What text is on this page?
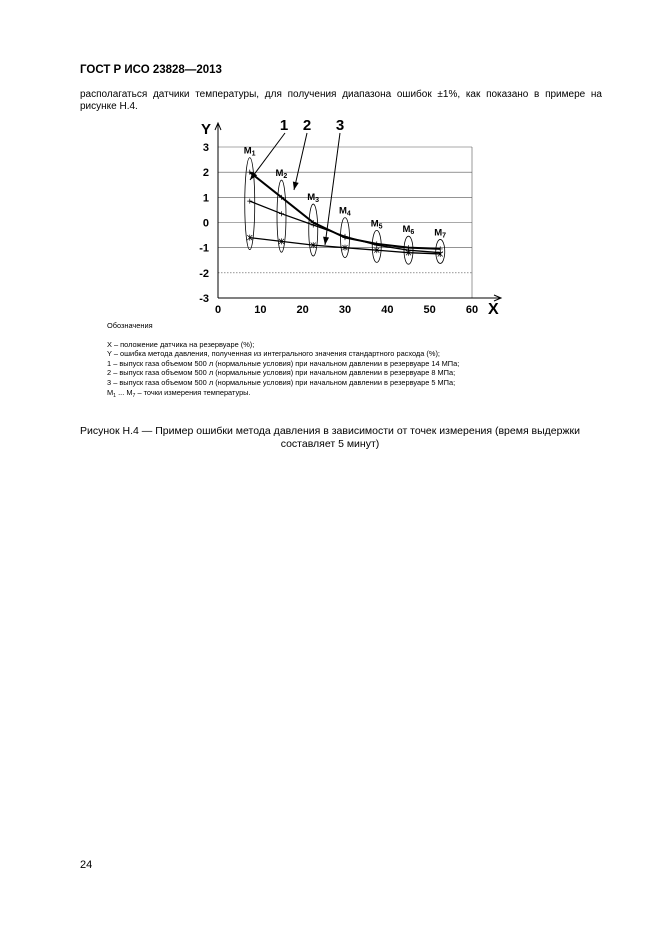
ГОСТ Р ИСО 23828—2013
располагаться датчики температуры, для получения диапазона ошибок ±1%, как показано в примере на рисунке Н.4.
1 2 3
0	10	20	30	40	50	60
3
2
1
0
-1
-2
-3
X
Y
$M_1$
$M_2$
$M_3$
$M_4$
$M_5$ $M_6$ $M_7$
Обозначения
X – положение датчика на резервуаре (%);
Y – ошибка метода давления, полученная из интегрального значения стандартного расхода (%);
1 – выпуск газа объемом 500 л (нормальные условия) при начальном давлении в резервуаре 14 МПа;
2 – выпуск газа объемом 500 л (нормальные условия) при начальном давлении в резервуаре 8 МПа;
3 – выпуск газа объемом 500 л (нормальные условия) при начальном давлении в резервуаре 5 МПа;
$M_1$ ... $M_7$ – точки измерения температуры.
Рисунок Н.4 — Пример ошибки метода давления в зависимости от точек измерения (время выдержки составляет 5 минут)
24
